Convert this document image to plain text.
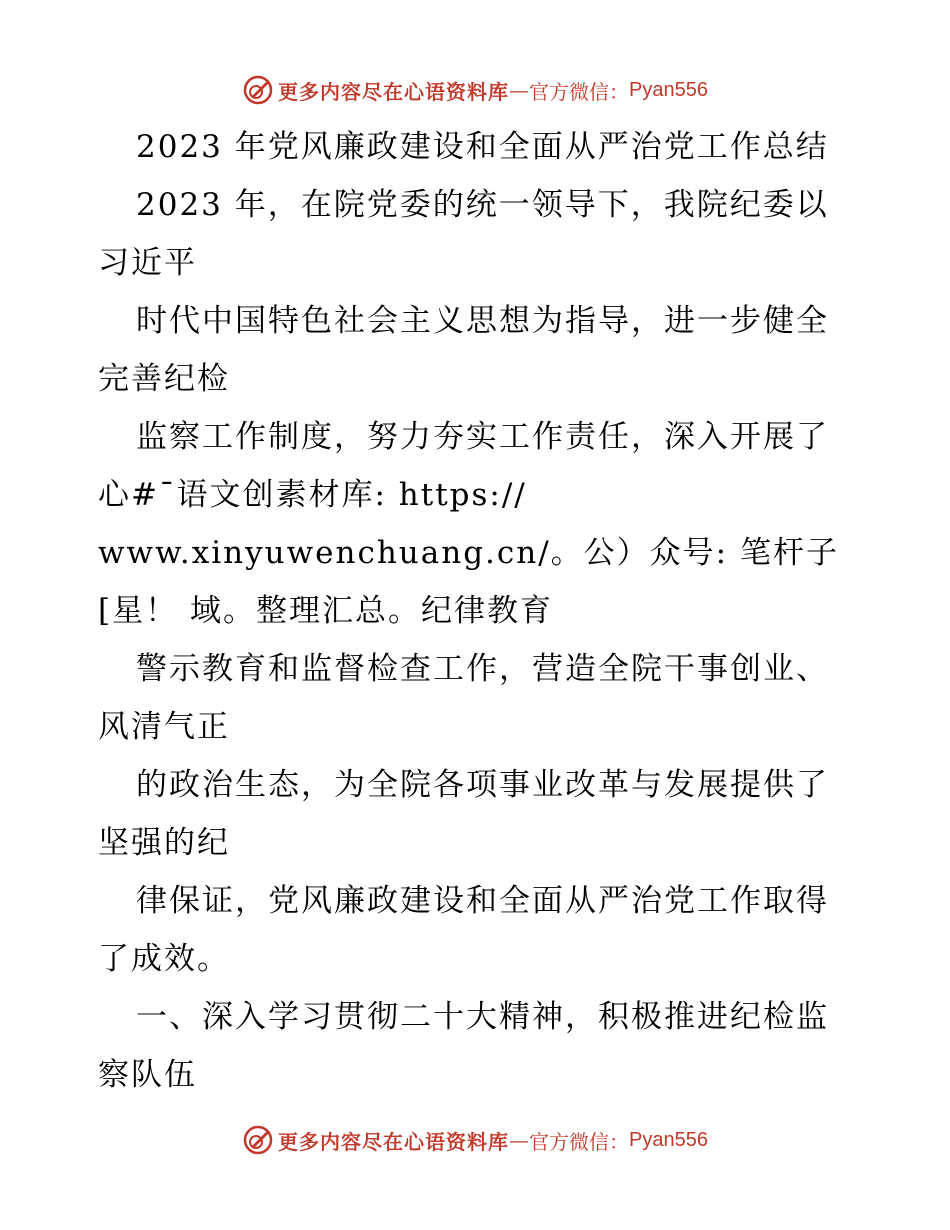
更多内容尽在心语资料库 — 官方微信： Pyan556
2023 年党风廉政建设和全面从严治党工作总结
2023 年，在院党委的统一领导下，我院纪委以
习近平
时代中国特色社会主义思想为指导，进一步健全
完善纪检
监察工作制度，努力夯实工作责任，深入开展了
心#¯语文创素材库: https://
www.xinyuwenchuang.cn/。公）众号: 笔杆子
[星！ 域。整理汇总。纪律教育
警示教育和监督检查工作，营造全院干事创业、
风清气正
的政治生态，为全院各项事业改革与发展提供了
坚强的纪
律保证，党风廉政建设和全面从严治党工作取得
了成效。
一、深入学习贯彻二十大精神，积极推进纪检监
察队伍
更多内容尽在心语资料库 — 官方微信： Pyan556
